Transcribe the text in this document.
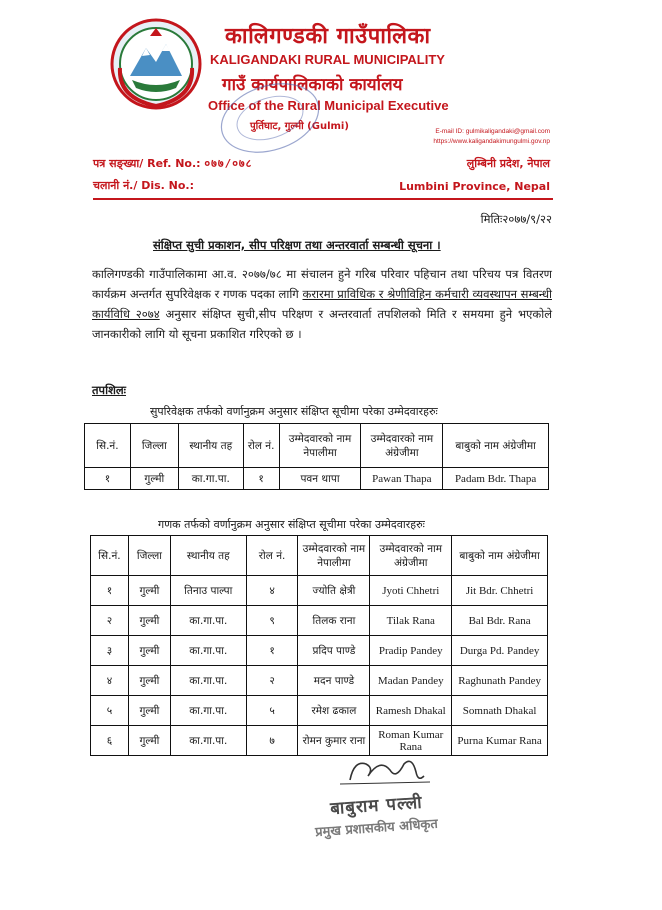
कालिगण्डकी गाउँपालिका
KALIGANDAKI RURAL MUNICIPALITY
गाउँ कार्यपालिकाको कार्यालय
Office of the Rural Municipal Executive
पुर्तिघाट, गुल्मी (Gulmi)	E-mail ID: gulmikaligandaki@gmail.com
https://www.kaligandakimungulmi.gov.np
पत्र सङ्ख्या/ Ref. No.: ०७७/०७८
चलानी नं./ Dis. No.:
लुम्बिनी प्रदेश, नेपाल
Lumbini Province, Nepal
मितिः२०७७/९/२२
संक्षिप्त सुची प्रकाशन, सीप परिक्षण तथा अन्तरवार्ता सम्बन्धी सूचना ।
कालिगण्डकी गाउँपालिकामा आ.व. २०७७/७८ मा संचालन हुने गरिब परिवार पहिचान तथा परिचय पत्र वितरण कार्यक्रम अन्तर्गत सुपरिवेक्षक र गणक पदका लागि करारमा प्राविधिक र श्रेणीविहिन कर्मचारी व्यवस्थापन सम्बन्धी कार्यविधि २०७४ अनुसार संक्षिप्त सुची,सीप परिक्षण र अन्तरवार्ता तपशिलको मिति र समयमा हुने भएकोले जानकारीको लागि यो सूचना प्रकाशित गरिएको छ ।
तपशिलः
सुपरिवेक्षक तर्फको वर्णानुक्रम अनुसार संक्षिप्त सूचीमा परेका उम्मेदवारहरुः
सि.नं.	जिल्ला	स्थानीय तह	रोल नं.	उम्मेदवारको नाम नेपालीमा	उम्मेदवारको नाम अंग्रेजीमा	बाबुको नाम अंग्रेजीमा
१	गुल्मी	का.गा.पा.	१	पवन थापा	Pawan Thapa	Padam Bdr. Thapa
गणक तर्फको वर्णानुक्रम अनुसार संक्षिप्त सूचीमा परेका उम्मेदवारहरुः
सि.नं.	जिल्ला	स्थानीय तह	रोल नं.	उम्मेदवारको नाम नेपालीमा	उम्मेदवारको नाम अंग्रेजीमा	बाबुको नाम अंग्रेजीमा
१	गुल्मी	तिनाउ पाल्पा	४	ज्योति क्षेत्री	Jyoti Chhetri	Jit Bdr. Chhetri
२	गुल्मी	का.गा.पा.	९	तिलक राना	Tilak Rana	Bal Bdr. Rana
३	गुल्मी	का.गा.पा.	१	प्रदिप पाण्डे	Pradip Pandey	Durga Pd. Pandey
४	गुल्मी	का.गा.पा.	२	मदन पाण्डे	Madan Pandey	Raghunath Pandey
५	गुल्मी	का.गा.पा.	५	रमेश ढकाल	Ramesh Dhakal	Somnath Dhakal
६	गुल्मी	का.गा.पा.	७	रोमन कुमार राना	Roman Kumar Rana	Purna Kumar Rana
बाबुराम पल्ली
प्रमुख प्रशासकीय अधिकृत
